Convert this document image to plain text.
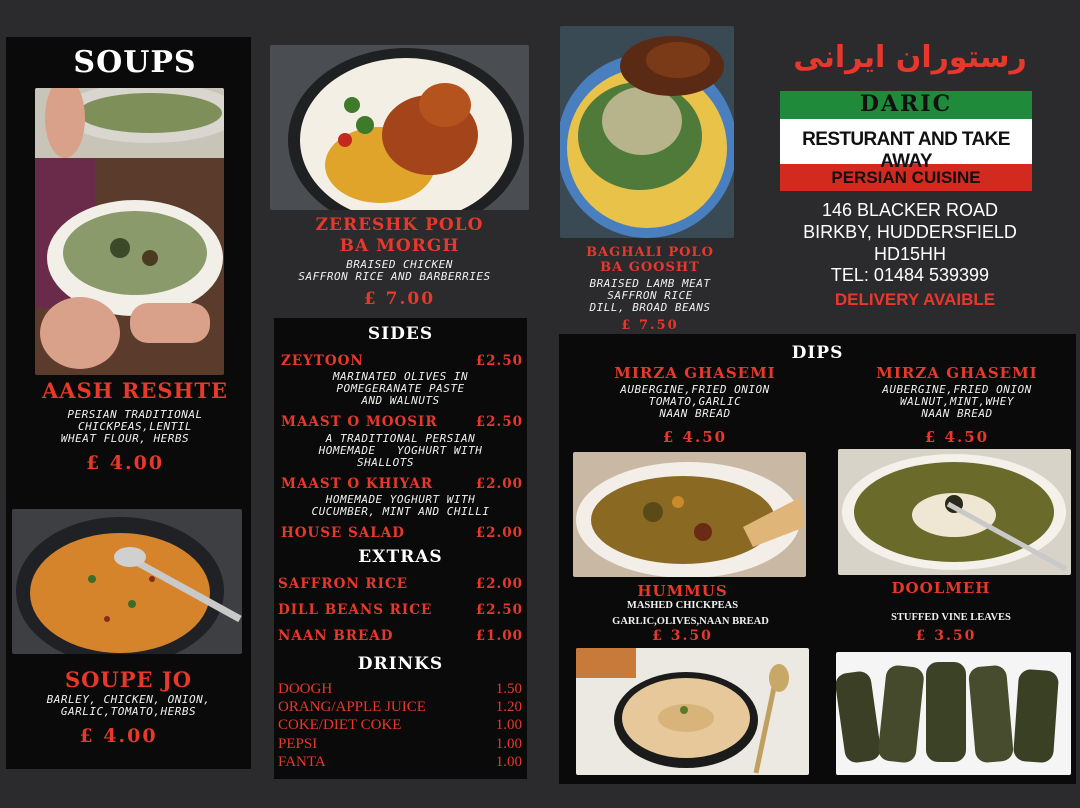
SOUPS
AASH RESHTE
PERSIAN TRADITIONAL
CHICKPEAS,LENTIL
WHEAT FLOUR, HERBS
£ 4.00
SOUPE JO
BARLEY, CHICKEN, ONION,
GARLIC,TOMATO,HERBS
£ 4.00
ZERESHK POLO
BA MORGH
BRAISED CHICKEN
SAFFRON RICE AND BARBERRIES
£ 7.00
BAGHALI POLO
BA GOOSHT
BRAISED LAMB MEAT
SAFFRON RICE
DILL, BROAD BEANS
£ 7.50
رستوران ایرانی
DARIC
RESTURANT AND TAKE AWAY
PERSIAN CUISINE
146 BLACKER ROAD
BIRKBY, HUDDERSFIELD
HD15HH
TEL: 01484 539399
DELIVERY AVAIBLE
SIDES
ZEYTOON	£2.50
MARINATED OLIVES IN
POMEGERANATE PASTE
AND WALNUTS
MAAST O MOOSIR	£2.50
A TRADITIONAL PERSIAN
HOMEMADE   YOGHURT WITH
SHALLOTS
MAAST O KHIYAR	£2.00
HOMEMADE YOGHURT WITH
CUCUMBER, MINT AND CHILLI
HOUSE SALAD	£2.00
EXTRAS
SAFFRON RICE	£2.00
DILL BEANS RICE	£2.50
NAAN BREAD	£1.00
DRINKS
DOOGH	1.50
ORANG/APPLE JUICE	1.20
COKE/DIET COKE	1.00
PEPSI	1.00
FANTA	1.00
DIPS
MIRZA GHASEMI
AUBERGINE,FRIED ONION
TOMATO,GARLIC
NAAN BREAD
£ 4.50
MIRZA GHASEMI
AUBERGINE,FRIED ONION
WALNUT,MINT,WHEY
NAAN BREAD
£ 4.50
HUMMUS
MASHED CHICKPEAS
GARLIC,OLIVES,NAAN BREAD
£ 3.50
DOOLMEH
STUFFED VINE LEAVES
£ 3.50
